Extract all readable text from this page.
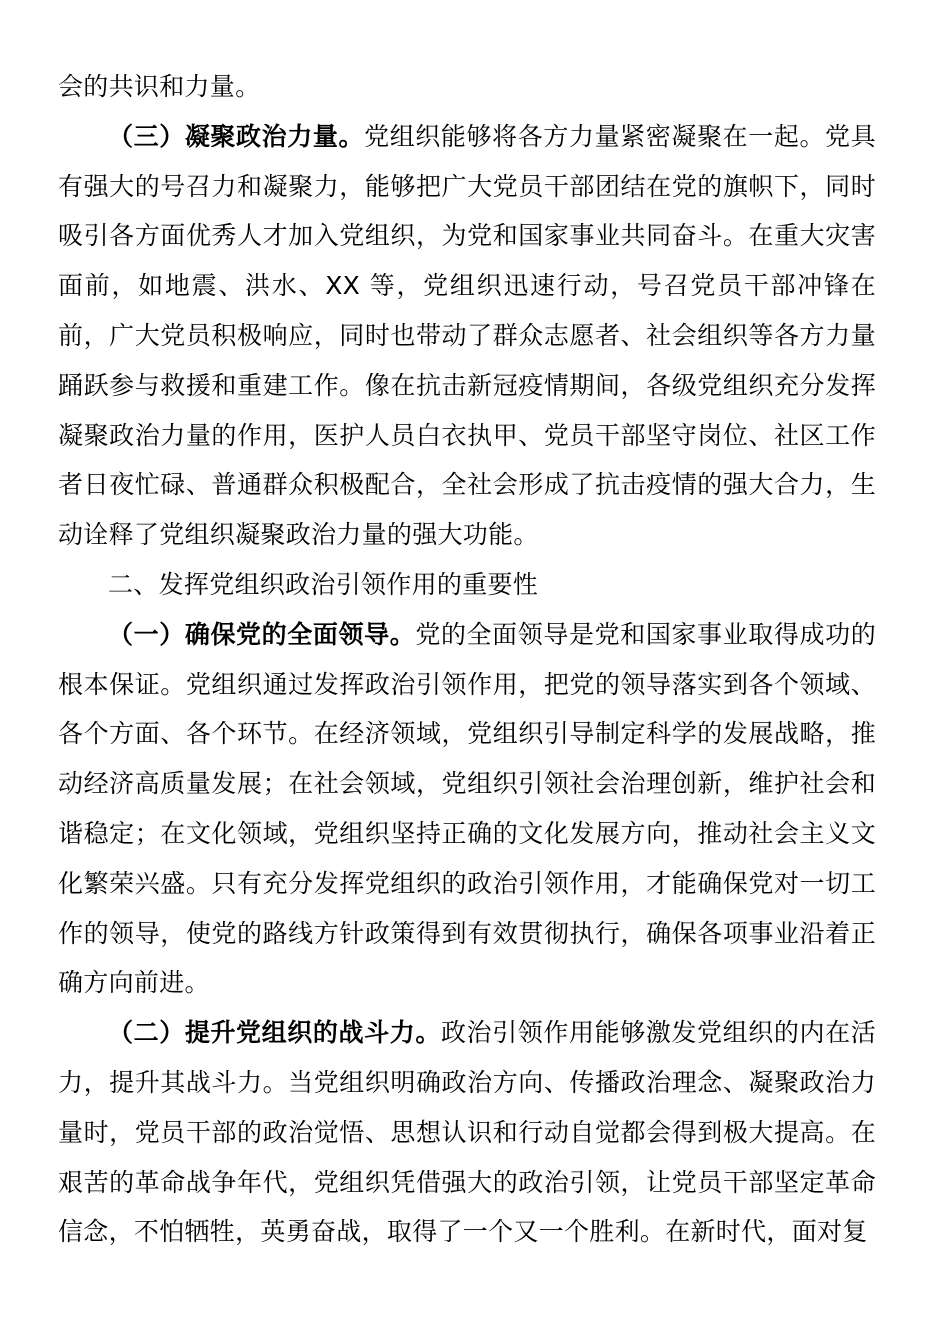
会的共识和力量。

（三）凝聚政治力量。党组织能够将各方力量紧密凝聚在一起。党具有强大的号召力和凝聚力，能够把广大党员干部团结在党的旗帜下，同时吸引各方面优秀人才加入党组织，为党和国家事业共同奋斗。在重大灾害面前，如地震、洪水、XX 等，党组织迅速行动，号召党员干部冲锋在前，广大党员积极响应，同时也带动了群众志愿者、社会组织等各方力量踊跃参与救援和重建工作。像在抗击新冠疫情期间，各级党组织充分发挥凝聚政治力量的作用，医护人员白衣执甲、党员干部坚守岗位、社区工作者日夜忙碌、普通群众积极配合，全社会形成了抗击疫情的强大合力，生动诠释了党组织凝聚政治力量的强大功能。

二、发挥党组织政治引领作用的重要性

（一）确保党的全面领导。党的全面领导是党和国家事业取得成功的根本保证。党组织通过发挥政治引领作用，把党的领导落实到各个领域、各个方面、各个环节。在经济领域，党组织引导制定科学的发展战略，推动经济高质量发展；在社会领域，党组织引领社会治理创新，维护社会和谐稳定；在文化领域，党组织坚持正确的文化发展方向，推动社会主义文化繁荣兴盛。只有充分发挥党组织的政治引领作用，才能确保党对一切工作的领导，使党的路线方针政策得到有效贯彻执行，确保各项事业沿着正确方向前进。

（二）提升党组织的战斗力。政治引领作用能够激发党组织的内在活力，提升其战斗力。当党组织明确政治方向、传播政治理念、凝聚政治力量时，党员干部的政治觉悟、思想认识和行动自觉都会得到极大提高。在艰苦的革命战争年代，党组织凭借强大的政治引领，让党员干部坚定革命信念，不怕牺牲，英勇奋战，取得了一个又一个胜利。在新时代，面对复
